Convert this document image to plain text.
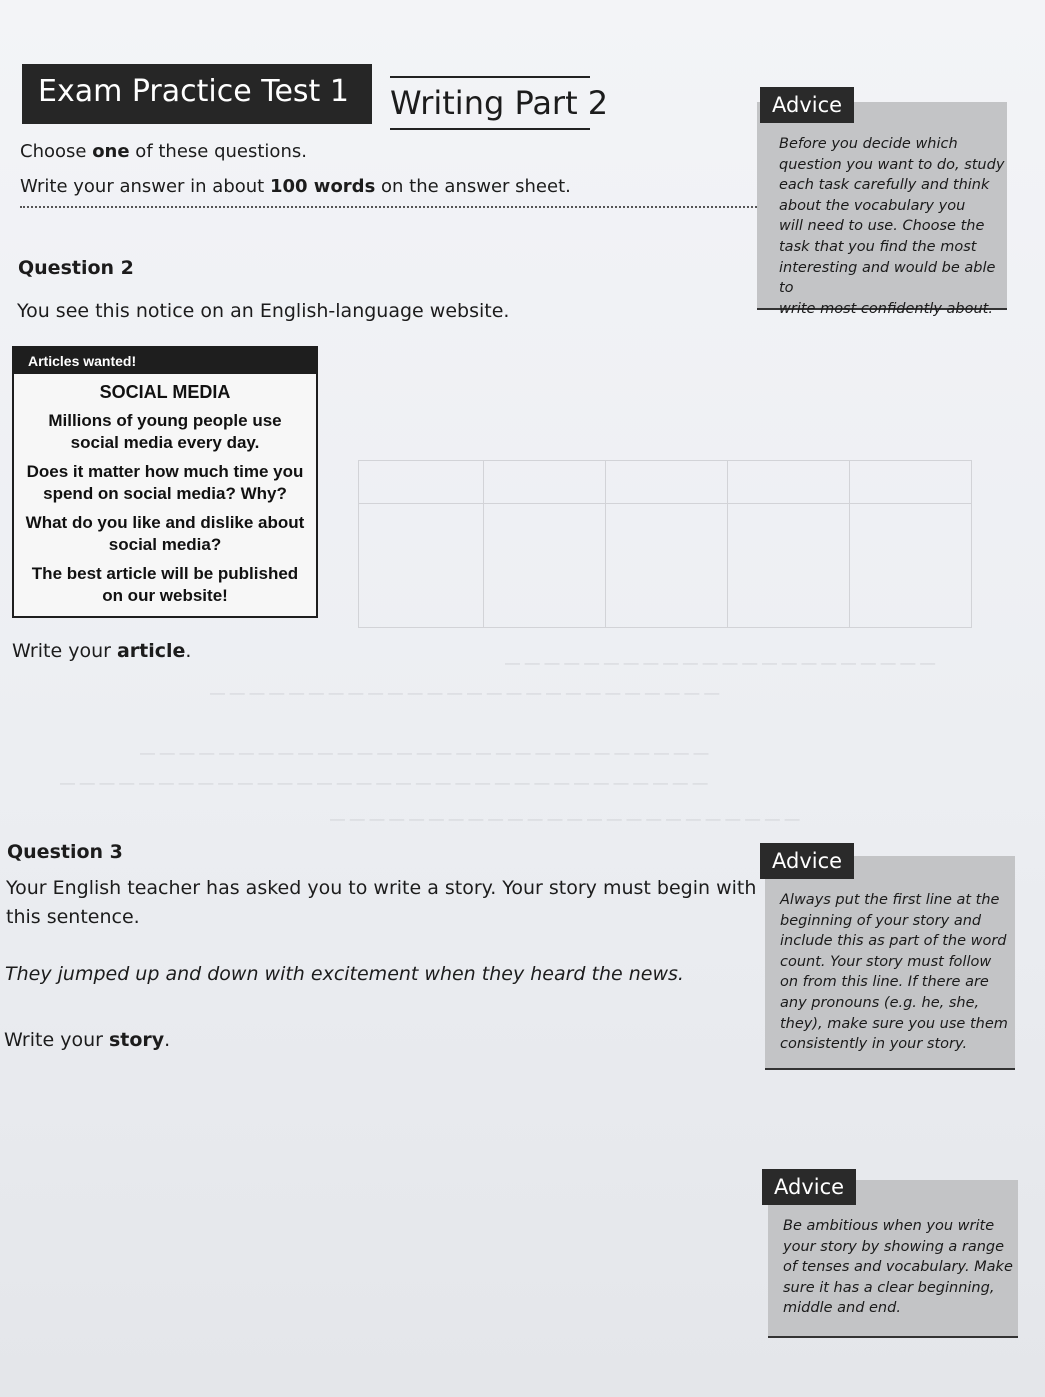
― ― ― ― ― ― ― ― ― ― ― ― ― ― ― ― ― ― ― ― ― ―
― ― ― ― ― ― ― ― ― ― ― ― ― ― ― ― ― ― ― ― ― ― ― ― ― ―
― ― ― ― ― ― ― ― ― ― ― ― ― ― ― ― ― ― ― ― ― ― ― ― ― ― ― ― ―
― ― ― ― ― ― ― ― ― ― ― ― ― ― ― ― ― ― ― ― ― ― ― ― ― ― ― ― ― ― ― ― ―
― ― ― ― ― ― ― ― ― ― ― ― ― ― ― ― ― ― ― ― ― ― ― ―
Exam Practice Test 1	Writing Part 2
Choose one of these questions.
Write your answer in about 100 words on the answer sheet.
Question 2
You see this notice on an English-language website.
Articles wanted!

SOCIAL MEDIA

Millions of young people use social media every day.

Does it matter how much time you spend on social media? Why?

What do you like and dislike about social media?

The best article will be published on our website!

Write your article.
Question 3
Your English teacher has asked you to write a story. Your story must begin with
this sentence.
They jumped up and down with excitement when they heard the news.
Write your story.
Before you decide which
question you want to do, study
each task carefully and think
about the vocabulary you
will need to use. Choose the
task that you find the most
interesting and would be able to
write most confidently about.
Advice
Always put the first line at the
beginning of your story and
include this as part of the word
count. Your story must follow
on from this line. If there are
any pronouns (e.g. he, she,
they), make sure you use them
consistently in your story.
Advice
Be ambitious when you write
your story by showing a range
of tenses and vocabulary. Make
sure it has a clear beginning,
middle and end.
Advice
